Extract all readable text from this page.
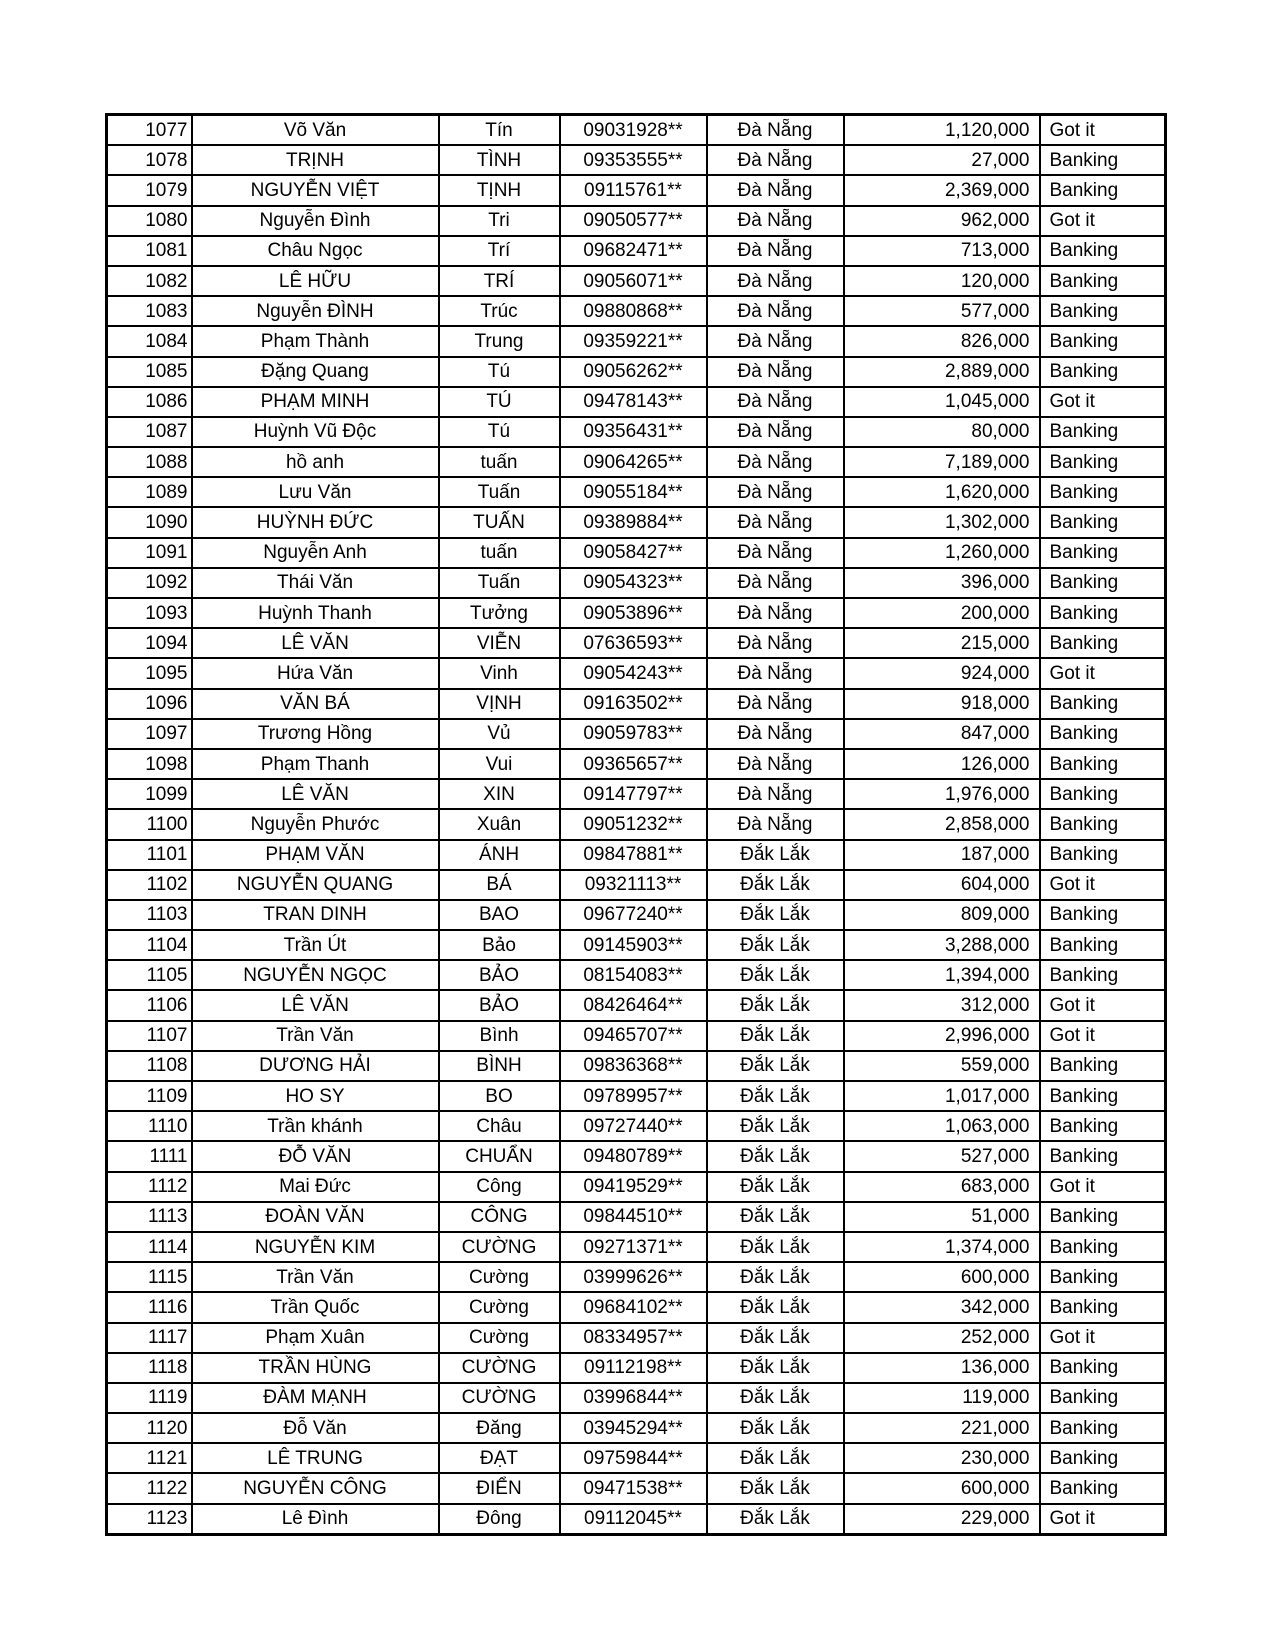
1077	Võ Văn	Tín	09031928**	Đà Nẵng	1,120,000	Got it
1078	TRỊNH	TÌNH	09353555**	Đà Nẵng	27,000	Banking
1079	NGUYỄN VIỆT	TỊNH	09115761**	Đà Nẵng	2,369,000	Banking
1080	Nguyễn Đình	Tri	09050577**	Đà Nẵng	962,000	Got it
1081	Châu Ngọc	Trí	09682471**	Đà Nẵng	713,000	Banking
1082	LÊ HỮU	TRÍ	09056071**	Đà Nẵng	120,000	Banking
1083	Nguyễn ĐÌNH	Trúc	09880868**	Đà Nẵng	577,000	Banking
1084	Phạm Thành	Trung	09359221**	Đà Nẵng	826,000	Banking
1085	Đặng Quang	Tú	09056262**	Đà Nẵng	2,889,000	Banking
1086	PHẠM MINH	TÚ	09478143**	Đà Nẵng	1,045,000	Got it
1087	Huỳnh Vũ Độc	Tú	09356431**	Đà Nẵng	80,000	Banking
1088	hồ anh	tuấn	09064265**	Đà Nẵng	7,189,000	Banking
1089	Lưu Văn	Tuấn	09055184**	Đà Nẵng	1,620,000	Banking
1090	HUỲNH ĐỨC	TUẤN	09389884**	Đà Nẵng	1,302,000	Banking
1091	Nguyễn Anh	tuấn	09058427**	Đà Nẵng	1,260,000	Banking
1092	Thái Văn	Tuấn	09054323**	Đà Nẵng	396,000	Banking
1093	Huỳnh Thanh	Tưởng	09053896**	Đà Nẵng	200,000	Banking
1094	LÊ VĂN	VIỄN	07636593**	Đà Nẵng	215,000	Banking
1095	Hứa Văn	Vinh	09054243**	Đà Nẵng	924,000	Got it
1096	VĂN BÁ	VỊNH	09163502**	Đà Nẵng	918,000	Banking
1097	Trương Hồng	Vủ	09059783**	Đà Nẵng	847,000	Banking
1098	Phạm Thanh	Vui	09365657**	Đà Nẵng	126,000	Banking
1099	LÊ VĂN	XIN	09147797**	Đà Nẵng	1,976,000	Banking
1100	Nguyễn Phước	Xuân	09051232**	Đà Nẵng	2,858,000	Banking
1101	PHẠM VĂN	ÁNH	09847881**	Đắk Lắk	187,000	Banking
1102	NGUYỄN QUANG	BÁ	09321113**	Đắk Lắk	604,000	Got it
1103	TRAN DINH	BAO	09677240**	Đắk Lắk	809,000	Banking
1104	Trần Út	Bảo	09145903**	Đắk Lắk	3,288,000	Banking
1105	NGUYỄN NGỌC	BẢO	08154083**	Đắk Lắk	1,394,000	Banking
1106	LÊ VĂN	BẢO	08426464**	Đắk Lắk	312,000	Got it
1107	Trần Văn	Bình	09465707**	Đắk Lắk	2,996,000	Got it
1108	DƯƠNG HẢI	BÌNH	09836368**	Đắk Lắk	559,000	Banking
1109	HO SY	BO	09789957**	Đắk Lắk	1,017,000	Banking
1110	Trần khánh	Châu	09727440**	Đắk Lắk	1,063,000	Banking
1111	ĐỖ VĂN	CHUẨN	09480789**	Đắk Lắk	527,000	Banking
1112	Mai Đức	Công	09419529**	Đắk Lắk	683,000	Got it
1113	ĐOÀN VĂN	CÔNG	09844510**	Đắk Lắk	51,000	Banking
1114	NGUYỄN KIM	CƯỜNG	09271371**	Đắk Lắk	1,374,000	Banking
1115	Trần Văn	Cường	03999626**	Đắk Lắk	600,000	Banking
1116	Trần Quốc	Cường	09684102**	Đắk Lắk	342,000	Banking
1117	Phạm Xuân	Cường	08334957**	Đắk Lắk	252,000	Got it
1118	TRẦN HÙNG	CƯỜNG	09112198**	Đắk Lắk	136,000	Banking
1119	ĐÀM MẠNH	CƯỜNG	03996844**	Đắk Lắk	119,000	Banking
1120	Đỗ Văn	Đăng	03945294**	Đắk Lắk	221,000	Banking
1121	LÊ TRUNG	ĐẠT	09759844**	Đắk Lắk	230,000	Banking
1122	NGUYỄN CÔNG	ĐIỂN	09471538**	Đắk Lắk	600,000	Banking
1123	Lê Đình	Đông	09112045**	Đắk Lắk	229,000	Got it
